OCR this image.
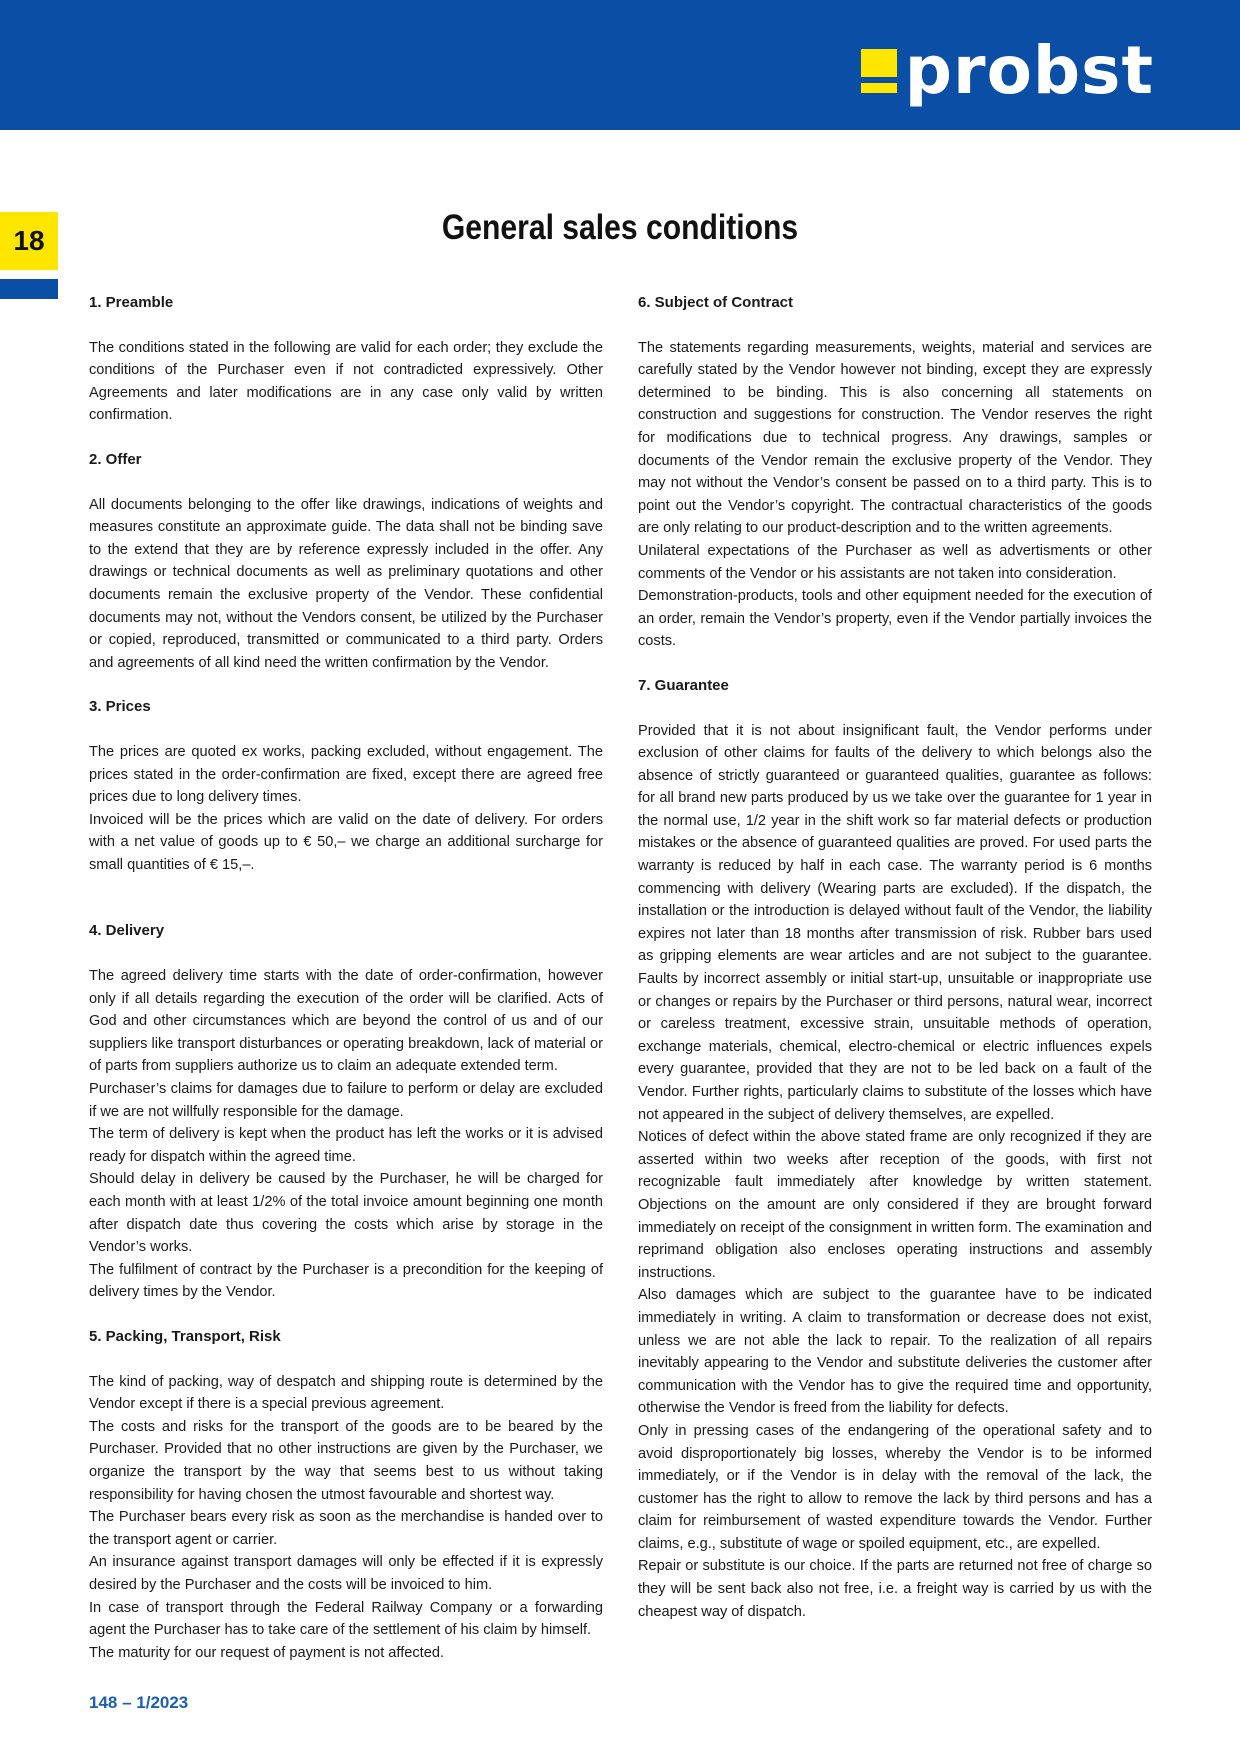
probst
18	General sales conditions
1. Preamble

The conditions stated in the following are valid for each order; they exclude the conditions of the Purchaser even if not contradicted expressively. Other Agreements and later modifications are in any case only valid by written confirmation.

2. Offer

All documents belonging to the offer like drawings, indications of weights and measures constitute an approximate guide. The data shall not be binding save to the extend that they are by reference expressly included in the offer. Any drawings or technical documents as well as preliminary quotations and other documents remain the exclusive property of the Vendor. These confidential documents may not, without the Vendors consent, be utilized by the Purchaser or copied, reproduced, transmitted or communicated to a third party. Orders and agreements of all kind need the written confirmation by the Vendor.

3. Prices

The prices are quoted ex works, packing excluded, without engagement. The prices stated in the order-confirmation are fixed, except there are agreed free prices due to long delivery times.

Invoiced will be the prices which are valid on the date of delivery. For orders with a net value of goods up to € 50,– we charge an additional surcharge for small quantities of € 15,–.

4. Delivery

The agreed delivery time starts with the date of order-confirmation, however only if all details regarding the execution of the order will be clarified. Acts of God and other circumstances which are beyond the control of us and of our suppliers like transport disturbances or operating breakdown, lack of material or of parts from suppliers authorize us to claim an adequate extended term.

Purchaser’s claims for damages due to failure to perform or delay are excluded if we are not willfully responsible for the damage.

The term of delivery is kept when the product has left the works or it is advised ready for dispatch within the agreed time.

Should delay in delivery be caused by the Purchaser, he will be charged for each month with at least 1/2% of the total invoice amount beginning one month after dispatch date thus covering the costs which arise by storage in the Vendor’s works.

The fulfilment of contract by the Purchaser is a precondition for the keeping of delivery times by the Vendor.

5. Packing, Transport, Risk

The kind of packing, way of despatch and shipping route is determined by the Vendor except if there is a special previous agreement.

The costs and risks for the transport of the goods are to be beared by the Purchaser. Provided that no other instructions are given by the Purchaser, we organize the transport by the way that seems best to us without taking responsibility for having chosen the utmost favourable and shortest way.

The Purchaser bears every risk as soon as the merchandise is handed over to the transport agent or carrier.

An insurance against transport damages will only be effected if it is expressly desired by the Purchaser and the costs will be invoiced to him.

In case of transport through the Federal Railway Company or a forwarding agent the Purchaser has to take care of the settlement of his claim by himself.

The maturity for our request of payment is not affected.

6. Subject of Contract

The statements regarding measurements, weights, material and services are carefully stated by the Vendor however not binding, except they are expressly determined to be binding. This is also concerning all statements on construction and suggestions for construction. The Vendor reserves the right for modifications due to technical progress. Any drawings, samples or documents of the Vendor remain the exclusive property of the Vendor. They may not without the Vendor’s consent be passed on to a third party. This is to point out the Vendor’s copyright. The contractual characteristics of the goods are only relating to our product-description and to the written agreements.

Unilateral expectations of the Purchaser as well as advertisments or other comments of the Vendor or his assistants are not taken into consideration.

Demonstration-products, tools and other equipment needed for the execution of an order, remain the Vendor’s property, even if the Vendor partially invoices the costs.

7. Guarantee

Provided that it is not about insignificant fault, the Vendor performs under exclusion of other claims for faults of the delivery to which belongs also the absence of strictly guaranteed or guaranteed qualities, guarantee as follows: for all brand new parts produced by us we take over the guarantee for 1 year in the normal use, 1/2 year in the shift work so far material defects or production mistakes or the absence of guaranteed qualities are proved. For used parts the warranty is reduced by half in each case. The warranty period is 6 months commencing with delivery (Wearing parts are excluded). If the dispatch, the installation or the introduction is delayed without fault of the Vendor, the liability expires not later than 18 months after transmission of risk. Rubber bars used as gripping elements are wear articles and are not subject to the guarantee. Faults by incorrect assembly or initial start-up, unsuitable or inappropriate use or changes or repairs by the Purchaser or third persons, natural wear, incorrect or careless treatment, excessive strain, unsuitable methods of operation, exchange materials, chemical, electro-chemical or electric influences expels every guarantee, provided that they are not to be led back on a fault of the Vendor. Further rights, particularly claims to substitute of the losses which have not appeared in the subject of delivery themselves, are expelled.

Notices of defect within the above stated frame are only recognized if they are asserted within two weeks after reception of the goods, with first not recognizable fault immediately after knowledge by written statement. Objections on the amount are only considered if they are brought forward immediately on receipt of the consignment in written form. The examination and reprimand obligation also encloses operating instructions and assembly instructions.

Also damages which are subject to the guarantee have to be indicated immediately in writing. A claim to transformation or decrease does not exist, unless we are not able the lack to repair. To the realization of all repairs inevitably appearing to the Vendor and substitute deliveries the customer after communication with the Vendor has to give the required time and opportunity, otherwise the Vendor is freed from the liability for defects.

Only in pressing cases of the endangering of the operational safety and to avoid disproportionately big losses, whereby the Vendor is to be informed immediately, or if the Vendor is in delay with the removal of the lack, the customer has the right to allow to remove the lack by third persons and has a claim for reimbursement of wasted expenditure towards the Vendor. Further claims, e.g., substitute of wage or spoiled equipment, etc., are expelled.

Repair or substitute is our choice. If the parts are returned not free of charge so they will be sent back also not free, i.e. a freight way is carried by us with the cheapest way of dispatch.

148 – 1/2023
